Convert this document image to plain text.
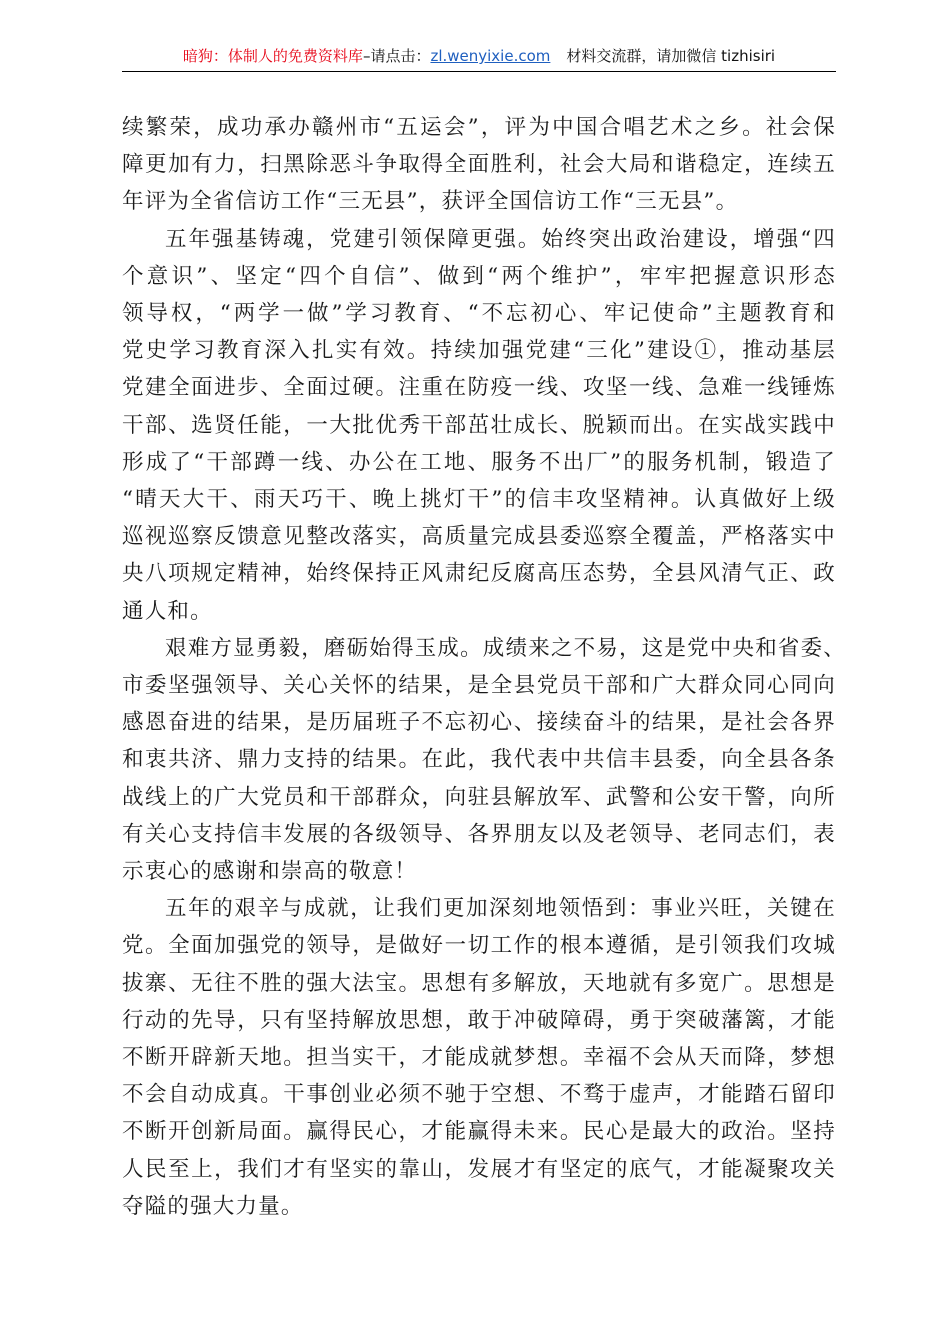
暗狗：体制人的免费资料库–请点击：zl.wenyixie.com 材料交流群，请加微信 tizhisiri

续繁荣，成功承办赣州市“五运会”，评为中国合唱艺术之乡。社会保
障更加有力，扫黑除恶斗争取得全面胜利，社会大局和谐稳定，连续五
年评为全省信访工作“三无县”，获评全国信访工作“三无县”。

五年强基铸魂，党建引领保障更强。始终突出政治建设，增强“四
个意识”、坚定“四个自信”、做到“两个维护”，牢牢把握意识形态
领导权，“两学一做”学习教育、“不忘初心、牢记使命”主题教育和
党史学习教育深入扎实有效。持续加强党建“三化”建设①，推动基层
党建全面进步、全面过硬。注重在防疫一线、攻坚一线、急难一线锤炼
干部、选贤任能，一大批优秀干部茁壮成长、脱颖而出。在实战实践中
形成了“干部蹲一线、办公在工地、服务不出厂”的服务机制，锻造了
“晴天大干、雨天巧干、晚上挑灯干”的信丰攻坚精神。认真做好上级
巡视巡察反馈意见整改落实，高质量完成县委巡察全覆盖，严格落实中
央八项规定精神，始终保持正风肃纪反腐高压态势，全县风清气正、政
通人和。

艰难方显勇毅，磨砺始得玉成。成绩来之不易，这是党中央和省委、
市委坚强领导、关心关怀的结果，是全县党员干部和广大群众同心同向
感恩奋进的结果，是历届班子不忘初心、接续奋斗的结果，是社会各界
和衷共济、鼎力支持的结果。在此，我代表中共信丰县委，向全县各条
战线上的广大党员和干部群众，向驻县解放军、武警和公安干警，向所
有关心支持信丰发展的各级领导、各界朋友以及老领导、老同志们，表
示衷心的感谢和崇高的敬意！

五年的艰辛与成就，让我们更加深刻地领悟到：事业兴旺，关键在
党。全面加强党的领导，是做好一切工作的根本遵循，是引领我们攻城
拔寨、无往不胜的强大法宝。思想有多解放，天地就有多宽广。思想是
行动的先导，只有坚持解放思想，敢于冲破障碍，勇于突破藩篱，才能
不断开辟新天地。担当实干，才能成就梦想。幸福不会从天而降，梦想
不会自动成真。干事创业必须不驰于空想、不骛于虚声，才能踏石留印
不断开创新局面。赢得民心，才能赢得未来。民心是最大的政治。坚持
人民至上，我们才有坚实的靠山，发展才有坚定的底气，才能凝聚攻关
夺隘的强大力量。
